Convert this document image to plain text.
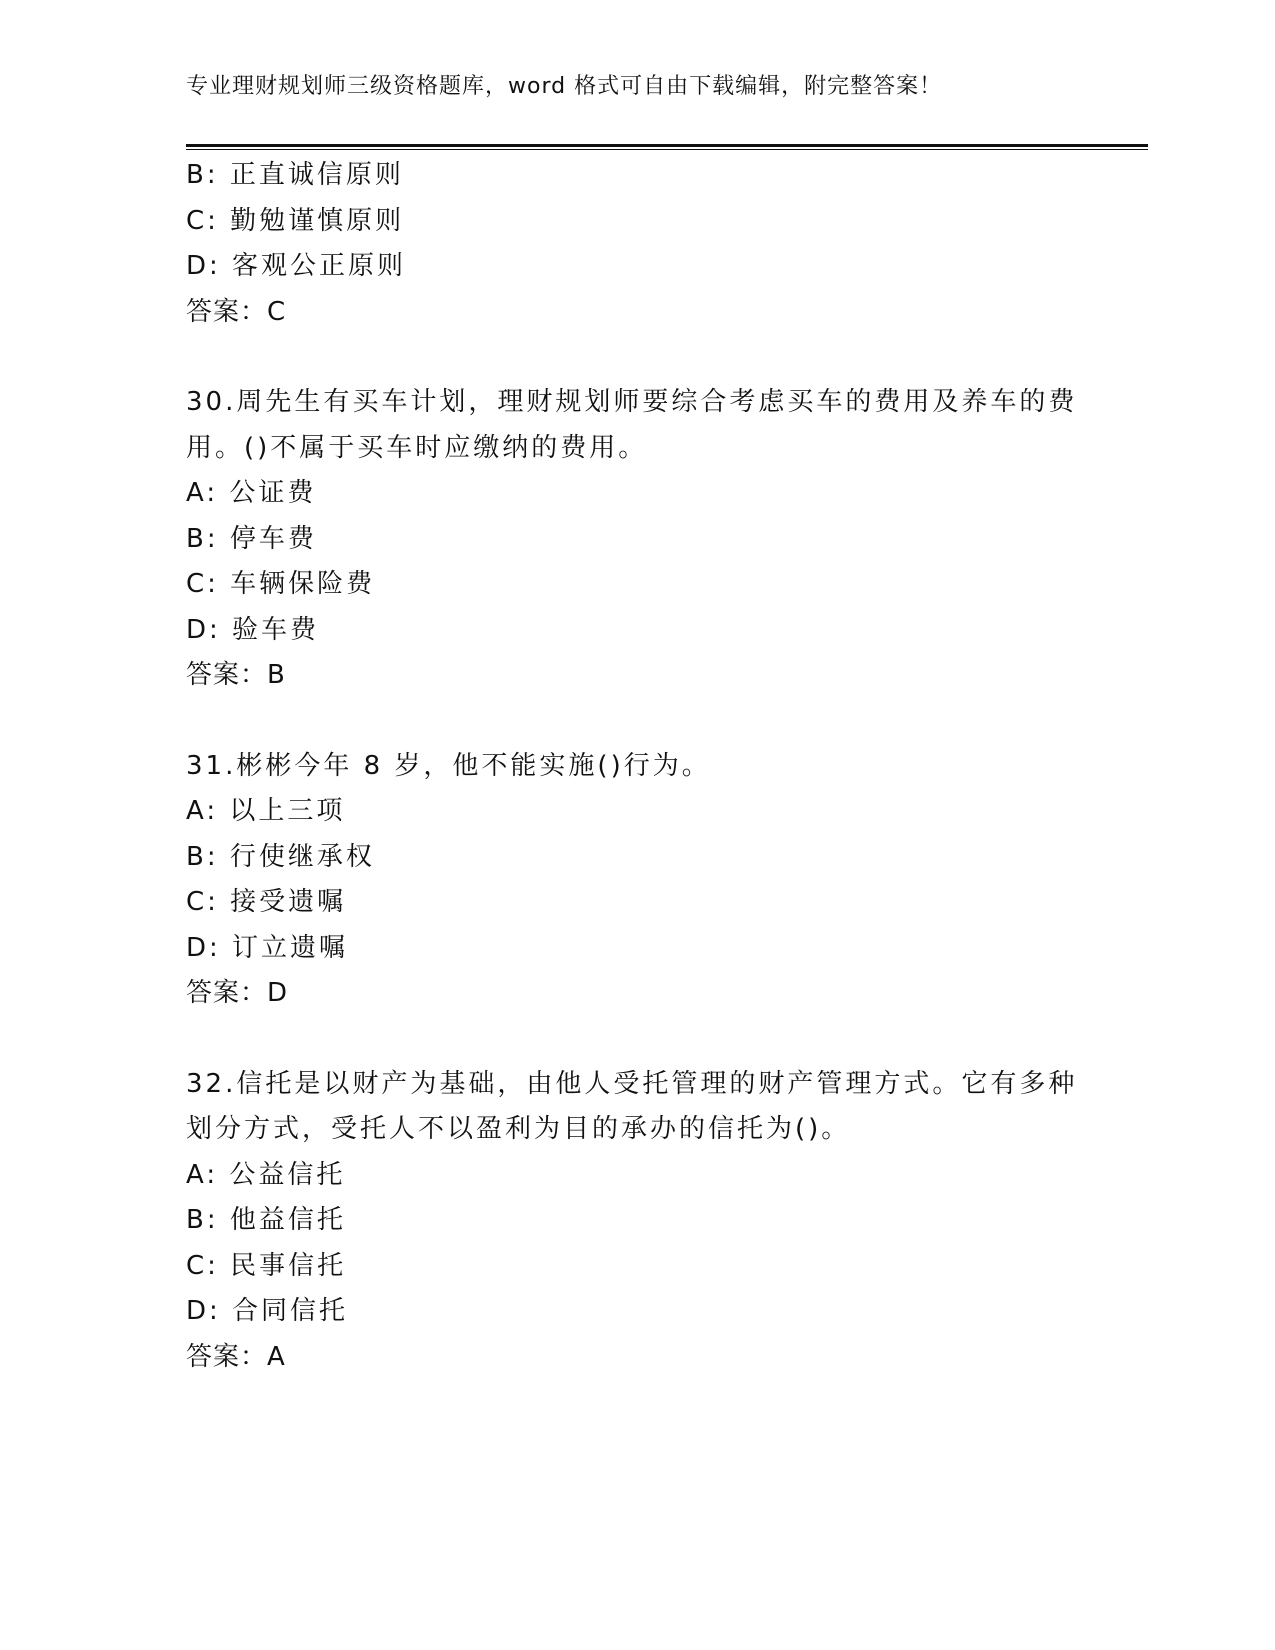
专业理财规划师三级资格题库，word 格式可自由下载编辑，附完整答案！
B: 正直诚信原则
C: 勤勉谨慎原则
D: 客观公正原则
答案：C
30.周先生有买车计划，理财规划师要综合考虑买车的费用及养车的费
用。()不属于买车时应缴纳的费用。
A: 公证费
B: 停车费
C: 车辆保险费
D: 验车费
答案：B
31.彬彬今年 8 岁，他不能实施()行为。
A: 以上三项
B: 行使继承权
C: 接受遗嘱
D: 订立遗嘱
答案：D
32.信托是以财产为基础，由他人受托管理的财产管理方式。它有多种
划分方式，受托人不以盈利为目的承办的信托为()。
A: 公益信托
B: 他益信托
C: 民事信托
D: 合同信托
答案：A
